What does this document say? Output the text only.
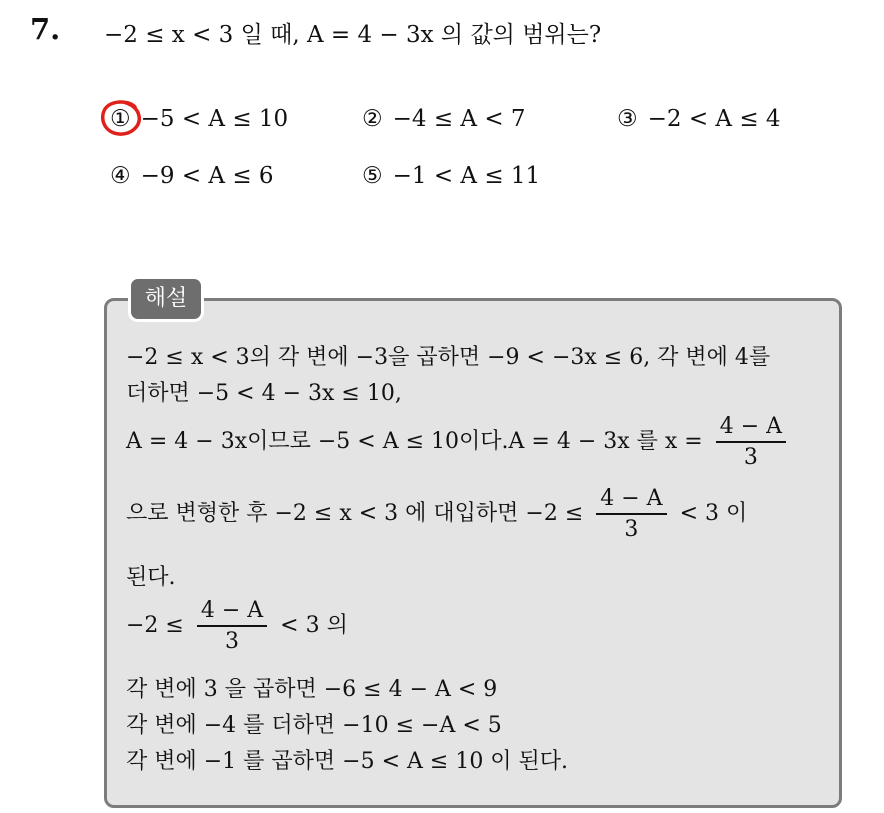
7. −2 ≤ x < 3 일 때, A = 4 − 3x 의 값의 범위는?
① −5 < A ≤ 10	② −4 ≤ A < 7	③ −2 < A ≤ 4
④ −9 < A ≤ 6	⑤ −1 < A ≤ 11
해설
−2 ≤ x < 3의 각 변에 −3을 곱하면 −9 < −3x ≤ 6, 각 변에 4를
더하면 −5 < 4 − 3x ≤ 10,
A = 4 − 3x이므로 −5 < A ≤ 10이다.A = 4 − 3x 를 $x = \frac{4 - A}{3}$
으로 변형한 후 −2 ≤ x < 3 에 대입하면 $-2 \le \frac{4 - A}{3} < 3$ 이
된다.
$-2 \le \frac{4 - A}{3} < 3$ 의
각 변에 3 을 곱하면 −6 ≤ 4 − A < 9
각 변에 −4 를 더하면 −10 ≤ −A < 5
각 변에 −1 를 곱하면 −5 < A ≤ 10 이 된다.
